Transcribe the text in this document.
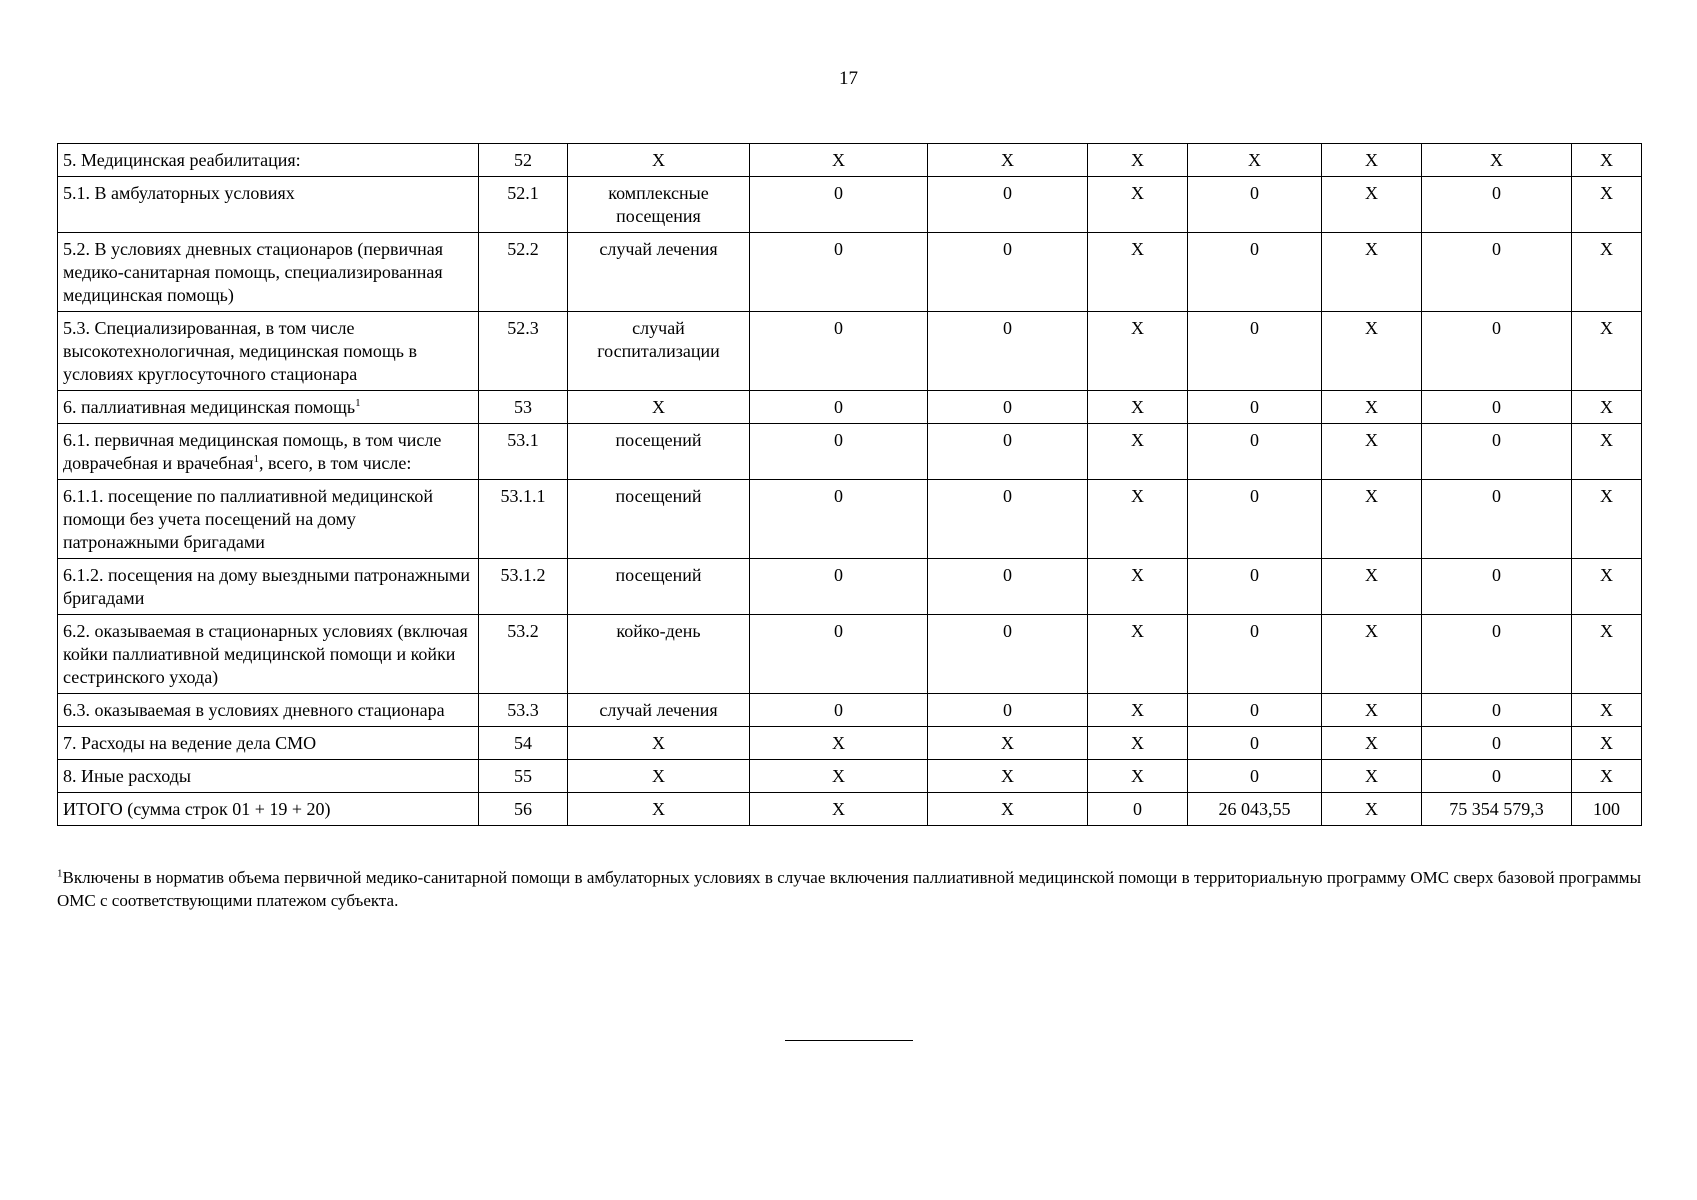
17
5. Медицинская реабилитация:	52	X	X	X	X	X	X	X	X
5.1. В амбулаторных условиях	52.1	комплексные посещения	0	0	X	0	X	0	X
5.2. В условиях дневных стационаров (первичная медико-санитарная помощь, специализированная медицинская помощь)	52.2	случай лечения	0	0	X	0	X	0	X
5.3. Специализированная, в том числе высокотехнологичная, медицинская помощь в условиях круглосуточного стационара	52.3	случай госпитализации	0	0	X	0	X	0	X
6. паллиативная медицинская помощь$^1$	53	X	0	0	X	0	X	0	X
6.1. первичная медицинская помощь, в том числе доврачебная и врачебная$^1$, всего, в том числе:	53.1	посещений	0	0	X	0	X	0	X
6.1.1. посещение по паллиативной медицинской помощи без учета посещений на дому патронажными бригадами	53.1.1	посещений	0	0	X	0	X	0	X
6.1.2. посещения на дому выездными патронажными бригадами	53.1.2	посещений	0	0	X	0	X	0	X
6.2. оказываемая в стационарных условиях (включая койки паллиативной медицинской помощи и койки сестринского ухода)	53.2	койко-день	0	0	X	0	X	0	X
6.3. оказываемая в условиях дневного стационара	53.3	случай лечения	0	0	X	0	X	0	X
7. Расходы на ведение дела СМО	54	X	X	X	X	0	X	0	X
8. Иные расходы	55	X	X	X	X	0	X	0	X
ИТОГО (сумма строк 01 + 19 + 20)	56	X	X	X	0	26 043,55	X	75 354 579,3	100
$^1$Включены в норматив объема первичной медико-санитарной помощи в амбулаторных условиях в случае включения паллиативной медицинской помощи в территориальную программу ОМС сверх базовой программы ОМС с соответствующими платежом субъекта.
